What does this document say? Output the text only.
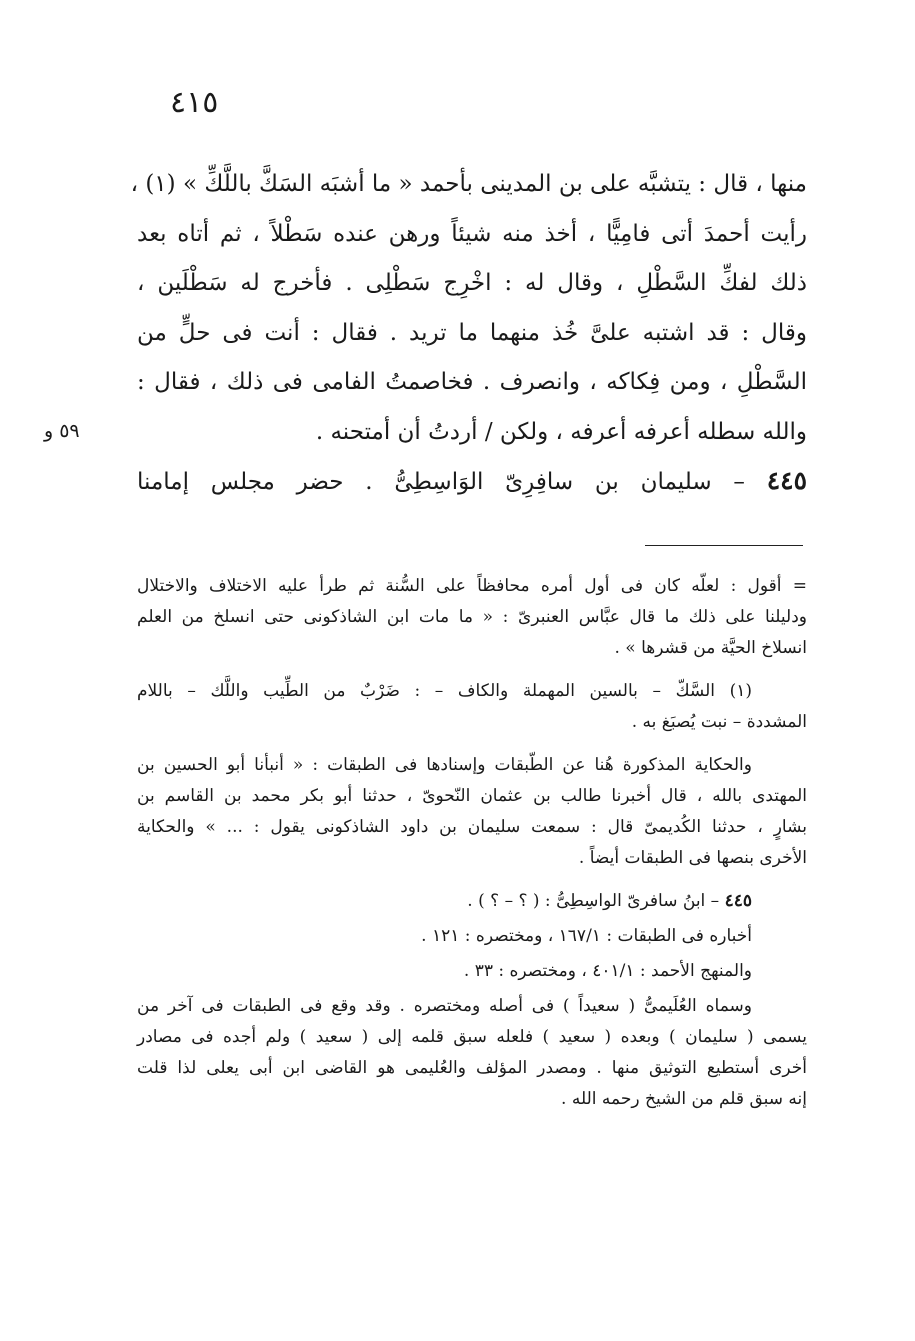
٤١٥
منها ، قال : يتشبَّه على بن المدينى بأحمد « ما أشبَه السَكَّ باللَّكِّ » (١) ،
رأيت أحمدَ أتى فامِيًّا ، أخذ منه شيئاً ورهن عنده سَطْلاً ، ثم أتاه بعد
ذلك لفكِّ السَّطْلِ ، وقال له : اخْرِج سَطْلِى . فأخرج له سَطْلَين ،
وقال : قد اشتبه علىَّ خُذ منهما ما تريد . فقال : أنت فى حلٍّ من
السَّطْلِ ، ومن فِكاكه ، وانصرف . فخاصمتُ الفامى فى ذلك ، فقال :
والله سطله أعرفه أعرفه ، ولكن / أردتُ أن أمتحنه .
٥٩ و
٤٤٥ – سليمان بن سافِرِىّ الوَاسِطِىُّ . حضر مجلس إمامنا
= أقول : لعلّه كان فى أول أمره محافظاً على السُّنة ثم طرأ عليه الاختلاف والاختلال
ودليلنا على ذلك ما قال عبَّاس العنبرىّ : « ما مات ابن الشاذكونى حتى انسلخ من العلم
انسلاخ الحيَّة من قشرها » .
(١) السَّكّ – بالسين المهملة والكاف – : ضَرْبٌ من الطِّيب واللَّك – باللام
المشددة – نبت يُصبَغ به .
والحكاية المذكورة هُنا عن الطّبقات وإسنادها فى الطبقات : « أنبأنا أبو الحسين بن
المهتدى بالله ، قال أخبرنا طالب بن عثمان النّحوىّ ، حدثنا أبو بكر محمد بن القاسم بن
بشارٍ ، حدثنا الكُديمىّ قال : سمعت سليمان بن داود الشاذكونى يقول : ... » والحكاية
الأخرى بنصها فى الطبقات أيضاً .
٤٤٥ – ابنُ سافرىّ الواسِطِىُّ : ( ؟ – ؟ ) .
أخباره فى الطبقات : ١٦٧/١ ، ومختصره : ١٢١ .
والمنهج الأحمد : ٤٠١/١ ، ومختصره : ٣٣ .
وسماه العُلَيمىُّ ( سعيداً ) فى أصله ومختصره . وقد وقع فى الطبقات فى آخر من
يسمى ( سليمان ) وبعده ( سعيد ) فلعله سبق قلمه إلى ( سعيد ) ولم أجده فى مصادر
أخرى أستطيع التوثيق منها . ومصدر المؤلف والعُليمى هو القاضى ابن أبى يعلى لذا قلت
إنه سبق قلم من الشيخ رحمه الله .
